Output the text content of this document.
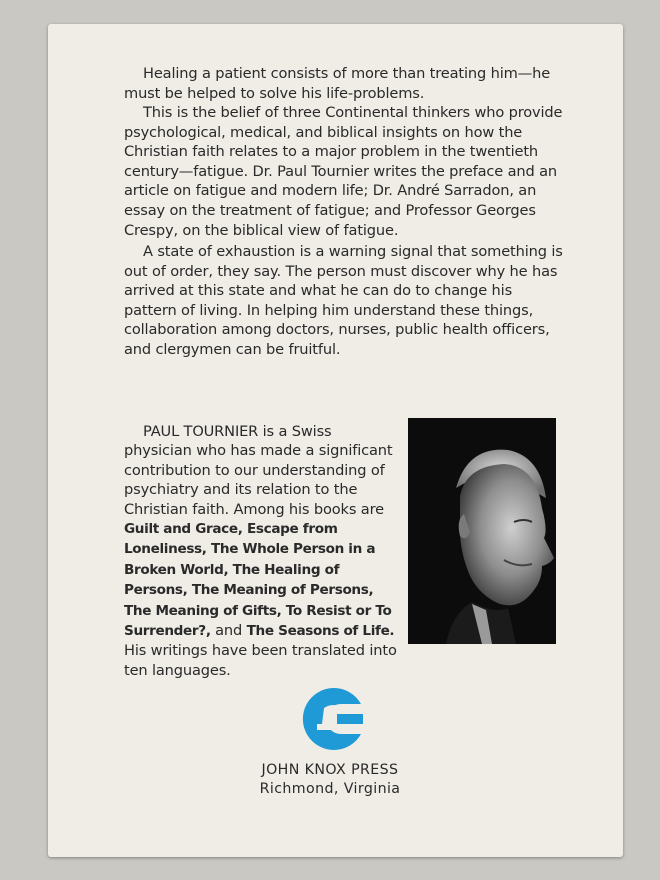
Healing a patient consists of more than treating him—he must be helped to solve his life-problems.

This is the belief of three Continental thinkers who provide psychological, medical, and biblical insights on how the Christian faith relates to a major problem in the twentieth century—fatigue. Dr. Paul Tournier writes the preface and an article on fatigue and modern life; Dr. André Sarradon, an essay on the treatment of fatigue; and Professor Georges Crespy, on the biblical view of fatigue.

A state of exhaustion is a warning signal that something is out of order, they say. The person must discover why he has arrived at this state and what he can do to change his pattern of living. In helping him understand these things, collaboration among doctors, nurses, public health officers, and clergymen can be fruitful.

PAUL TOURNIER is a Swiss physician who has made a significant contribution to our understanding of psychiatry and its relation to the Christian faith. Among his books are Guilt and Grace, Escape from Loneliness, The Whole Person in a Broken World, The Healing of Persons, The Meaning of Persons, The Meaning of Gifts, To Resist or To Surrender?, and The Seasons of Life. His writings have been translated into ten languages.

JOHN KNOX PRESS

Richmond, Virginia
